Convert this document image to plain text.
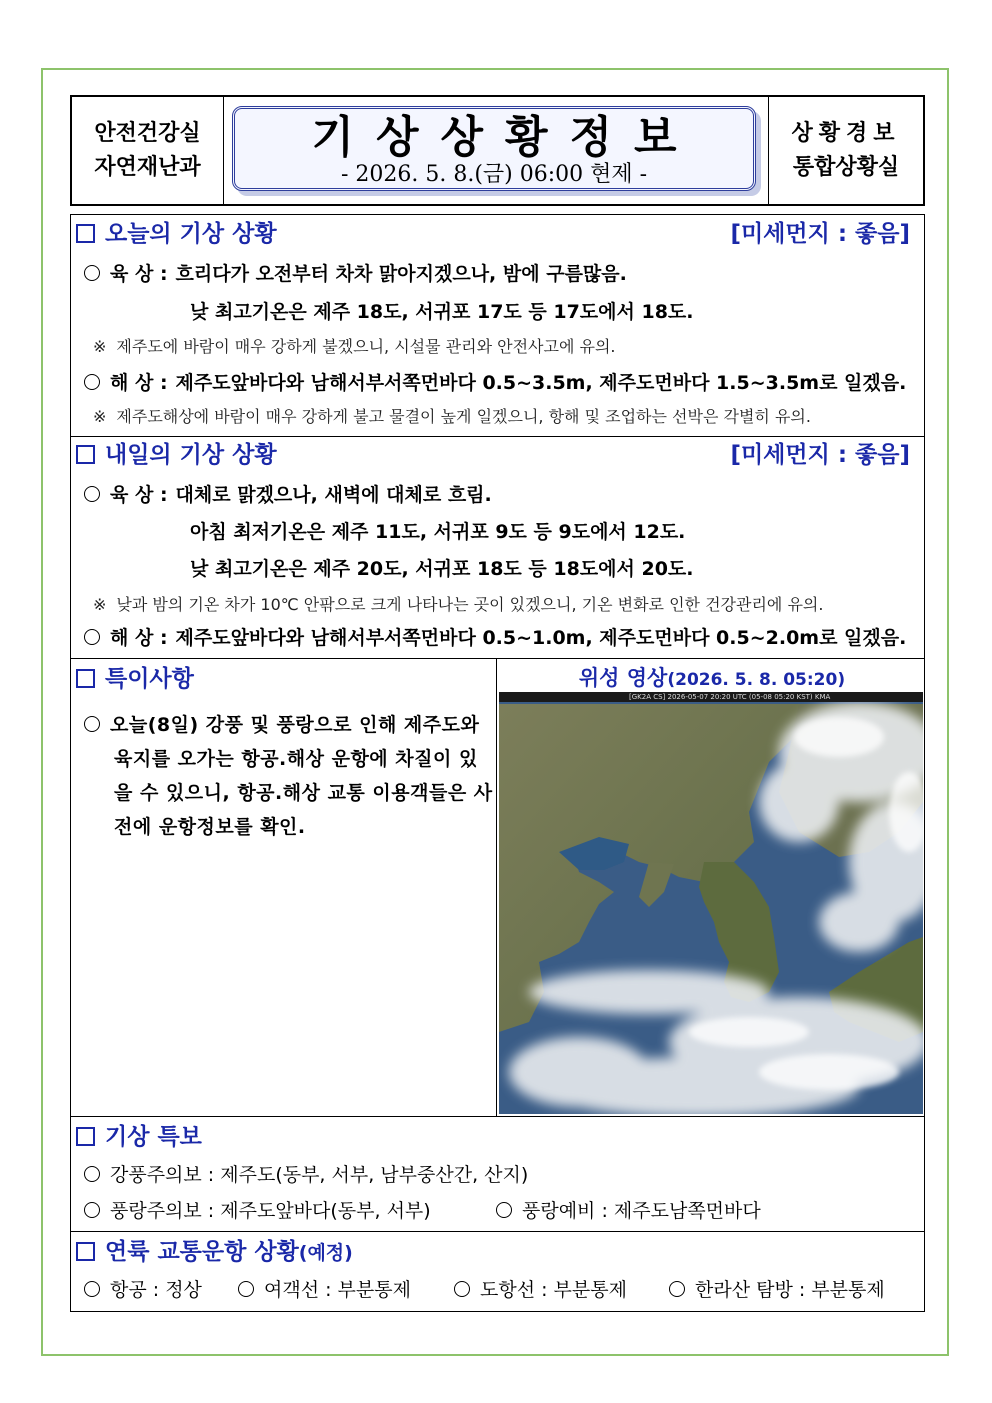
안전건강실
자연재난과
기상상황정보
- 2026. 5. 8.(금) 06:00 현제 -
상황경보
통합상황실
오늘의 기상 상황	[미세먼지 : 좋음]
육 상 : 흐리다가 오전부터 차차 맑아지겠으나, 밤에 구름많음.
낮 최고기온은 제주 18도, 서귀포 17도 등 17도에서 18도.
※ 제주도에 바람이 매우 강하게 불겠으니, 시설물 관리와 안전사고에 유의.
해 상 : 제주도앞바다와 남해서부서쪽먼바다 0.5~3.5m, 제주도먼바다 1.5~3.5m로 일겠음.
※ 제주도해상에 바람이 매우 강하게 불고 물결이 높게 일겠으니, 항해 및 조업하는 선박은 각별히 유의.
내일의 기상 상황	[미세먼지 : 좋음]
육 상 : 대체로 맑겠으나, 새벽에 대체로 흐림.
아침 최저기온은 제주 11도, 서귀포 9도 등 9도에서 12도.
낮 최고기온은 제주 20도, 서귀포 18도 등 18도에서 20도.
※ 낮과 밤의 기온 차가 10℃ 안팎으로 크게 나타나는 곳이 있겠으니, 기온 변화로 인한 건강관리에 유의.
해 상 : 제주도앞바다와 남해서부서쪽먼바다 0.5~1.0m, 제주도먼바다 0.5~2.0m로 일겠음.
특이사항

오늘(8일) 강풍 및 풍랑으로 인해 제주도와 육지를 오가는 항공.해상 운항에 차질이 있을 수 있으니, 항공.해상 교통 이용객들은 사전에 운항정보를 확인.

위성 영상(2026. 5. 8. 05:20)
[GK2A CS] 2026-05-07 20:20 UTC (05-08 05:20 KST) KMA
기상 특보
강풍주의보 : 제주도(동부, 서부, 남부중산간, 산지)
풍랑주의보 : 제주도앞바다(동부, 서부)	풍랑예비 : 제주도남쪽먼바다
연륙 교통운항 상황(예정)
항공 : 정상	여객선 : 부분통제	도항선 : 부분통제	한라산 탐방 : 부분통제
